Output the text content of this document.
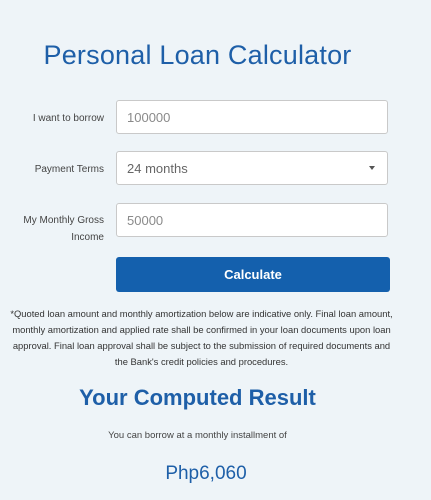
Personal Loan Calculator
I want to borrow
100000
Payment Terms 24 months
My Monthly Gross Income
50000
Calculate

*Quoted loan amount and monthly amortization below are indicative only. Final loan amount, monthly amortization and applied rate shall be confirmed in your loan documents upon loan approval. Final loan approval shall be subject to the submission of required documents and the Bank's credit policies and procedures.

Your Computed Result
You can borrow at a monthly installment of
Php6,060
